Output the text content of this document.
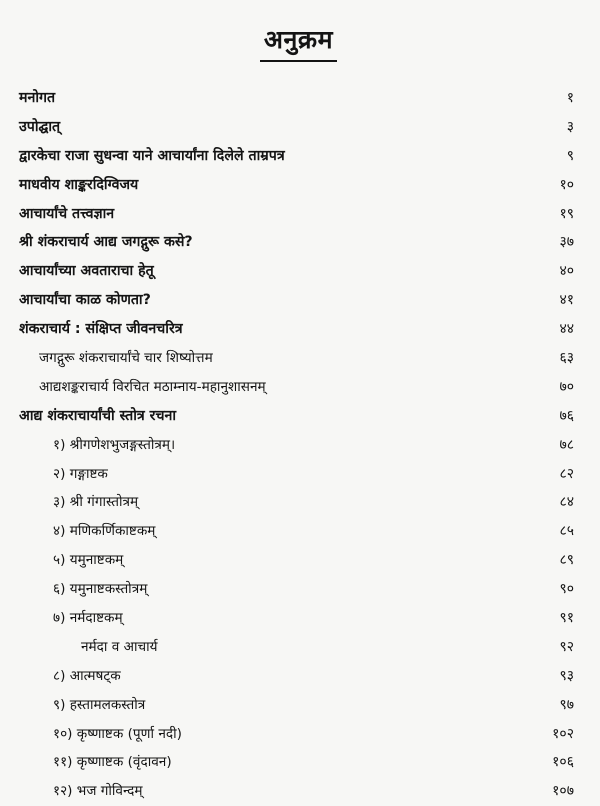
अनुक्रम
मनोगत	१
उपोद्घात्	३
द्वारकेचा राजा सुधन्वा याने आचार्यांना दिलेले ताम्रपत्र	९
माधवीय शाङ्करदिग्विजय	१०
आचार्यांचे तत्त्वज्ञान	१९
श्री शंकराचार्य आद्य जगद्गुरू कसे?	३७
आचार्यांच्या अवताराचा हेतू	४०
आचार्यांचा काळ कोणता?	४१
शंकराचार्य : संक्षिप्त जीवनचरित्र	४४
जगद्गुरू शंकराचार्यांचे चार शिष्योत्तम	६३
आद्यशङ्कराचार्य विरचित मठाम्नाय-महानुशासनम्	७०
आद्य शंकराचार्यांची स्तोत्र रचना	७६
१) श्रीगणेशभुजङ्गस्तोत्रम्।	७८
२) गङ्गाष्टक	८२
३) श्री गंगास्तोत्रम्	८४
४) मणिकर्णिकाष्टकम्	८५
५) यमुनाष्टकम्	८९
६) यमुनाष्टकस्तोत्रम्	९०
७) नर्मदाष्टकम्	९१
नर्मदा व आचार्य	९२
८) आत्मषट्क	९३
९) हस्तामलकस्तोत्र	९७
१०) कृष्णाष्टक (पूर्णा नदी)	१०२
११) कृष्णाष्टक (वृंदावन)	१०६
१२) भज गोविन्दम्	१०७
